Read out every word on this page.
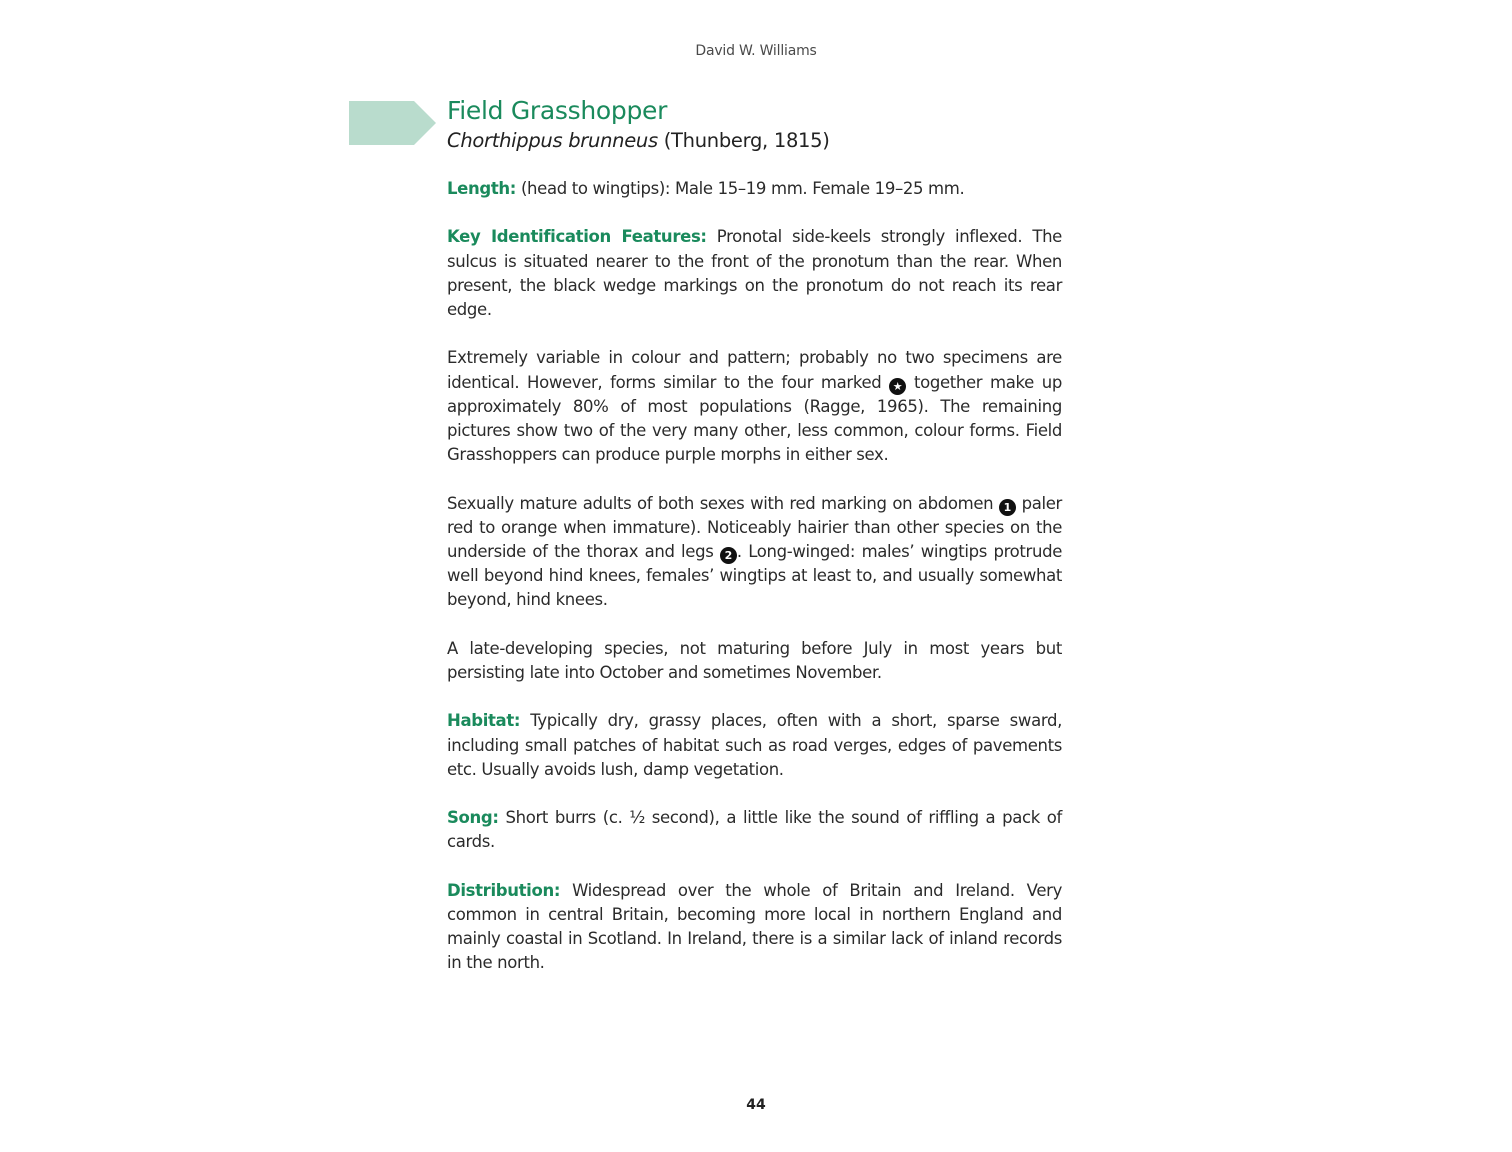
David W. Williams
Field Grasshopper
Chorthippus brunneus (Thunberg, 1815)

Length: (head to wingtips): Male 15–19 mm. Female 19–25 mm.

Key Identification Features: Pronotal side-keels strongly inflexed. The sulcus is situated nearer to the front of the pronotum than the rear. When present, the black wedge markings on the pronotum do not reach its rear edge.

Extremely variable in colour and pattern; probably no two specimens are identical. However, forms similar to the four marked ★ together make up approximately 80% of most populations (Ragge, 1965). The remaining pictures show two of the very many other, less common, colour forms. Field Grasshoppers can produce purple morphs in either sex.

Sexually mature adults of both sexes with red marking on abdomen 1 paler red to orange when immature). Noticeably hairier than other species on the underside of the thorax and legs 2 . Long-winged: males’ wingtips protrude well beyond hind knees, females’ wingtips at least to, and usually somewhat beyond, hind knees.

A late-developing species, not maturing before July in most years but persisting late into October and sometimes November.

Habitat: Typically dry, grassy places, often with a short, sparse sward, including small patches of habitat such as road verges, edges of pavements etc. Usually avoids lush, damp vegetation.

Song: Short burrs (c. ½ second), a little like the sound of riffling a pack of cards.

Distribution: Widespread over the whole of Britain and Ireland. Very common in central Britain, becoming more local in northern England and mainly coastal in Scotland. In Ireland, there is a similar lack of inland records in the north.

44
